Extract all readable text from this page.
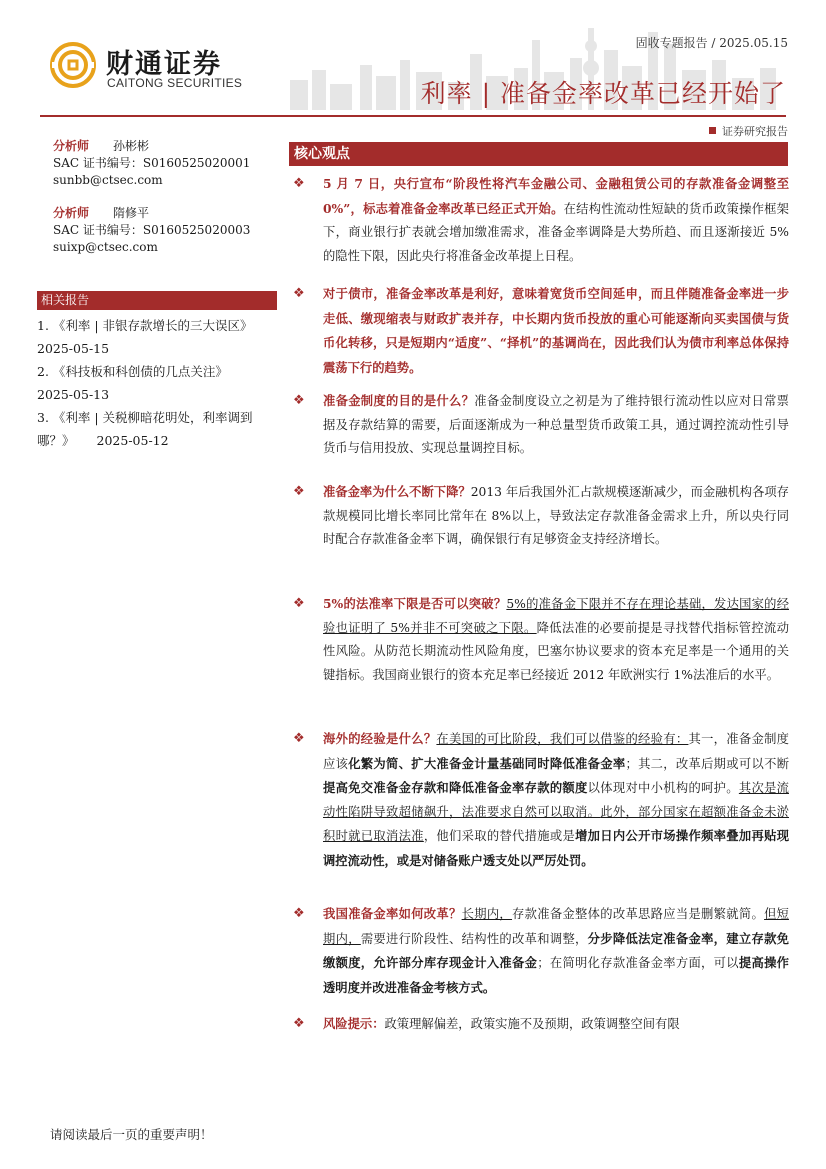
财通证券
CAITONG SECURITIES
固收专题报告 / 2025.05.15
利率 | 准备金率改革已经开始了
证券研究报告
分析师 孙彬彬
SAC 证书编号：S0160525020001
sunbb@ctsec.com
分析师 隋修平
SAC 证书编号：S0160525020003
suixp@ctsec.com
相关报告
1. 《利率 | 非银存款增长的三大误区》
2025-05-15
2. 《科技板和科创债的几点关注》
2025-05-13
3. 《利率 | 关税柳暗花明处，利率调到哪？》 2025-05-12
核心观点
❖	5 月 7 日，央行宣布“阶段性将汽车金融公司、金融租赁公司的存款准备金调整至 0%”，标志着准备金率改革已经正式开始。在结构性流动性短缺的货币政策操作框架下，商业银行扩表就会增加缴准需求，准备金率调降是大势所趋、而且逐渐接近 5%的隐性下限，因此央行将准备金改革提上日程。
❖	对于债市，准备金率改革是利好，意味着宽货币空间延申，而且伴随准备金率进一步走低、缴现缩表与财政扩表并存，中长期内货币投放的重心可能逐渐向买卖国债与货币化转移，只是短期内“适度”、“择机”的基调尚在，因此我们认为债市利率总体保持震荡下行的趋势。
❖	准备金制度的目的是什么？准备金制度设立之初是为了维持银行流动性以应对日常票据及存款结算的需要，后面逐渐成为一种总量型货币政策工具，通过调控流动性引导货币与信用投放、实现总量调控目标。
❖	准备金率为什么不断下降？2013 年后我国外汇占款规模逐渐减少，而金融机构各项存款规模同比增长率同比常年在 8%以上，导致法定存款准备金需求上升，所以央行同时配合存款准备金率下调，确保银行有足够资金支持经济增长。
❖	5%的法准率下限是否可以突破？5%的准备金下限并不存在理论基础，发达国家的经验也证明了 5%并非不可突破之下限。降低法准的必要前提是寻找替代指标管控流动性风险。从防范长期流动性风险角度，巴塞尔协议要求的资本充足率是一个通用的关键指标。我国商业银行的资本充足率已经接近 2012 年欧洲实行 1%法准后的水平。
❖	海外的经验是什么？在美国的可比阶段，我们可以借鉴的经验有：其一，准备金制度应该化繁为简、扩大准备金计量基础同时降低准备金率；其二，改革后期或可以不断提高免交准备金存款和降低准备金率存款的额度以体现对中小机构的呵护。其次是流动性陷阱导致超储飙升，法准要求自然可以取消。此外，部分国家在超额准备金未淤积时就已取消法准，他们采取的替代措施或是增加日内公开市场操作频率叠加再贴现调控流动性，或是对储备账户透支处以严厉处罚。
❖	我国准备金率如何改革？长期内，存款准备金整体的改革思路应当是删繁就简。但短期内，需要进行阶段性、结构性的改革和调整，分步降低法定准备金率，建立存款免缴额度，允许部分库存现金计入准备金；在简明化存款准备金率方面，可以提高操作透明度并改进准备金考核方式。
❖	风险提示：政策理解偏差，政策实施不及预期，政策调整空间有限
请阅读最后一页的重要声明！
